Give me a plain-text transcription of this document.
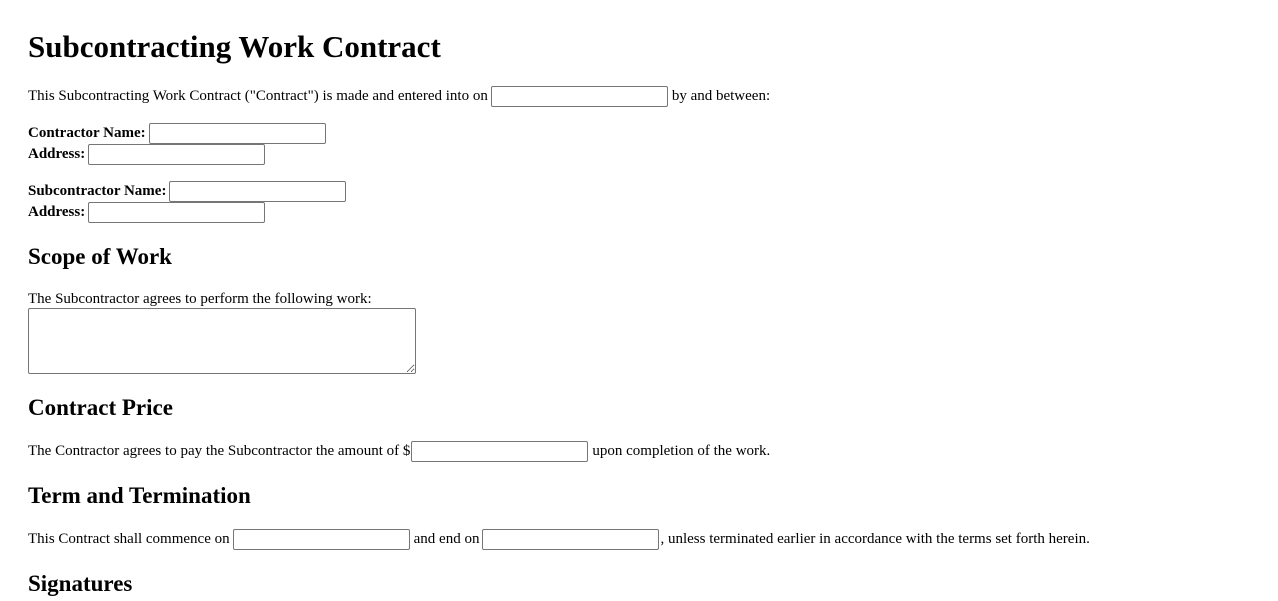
Subcontracting Work Contract
This Subcontracting Work Contract ("Contract") is made and entered into on	by and between:
Contractor Name:
Address:
Subcontractor Name:
Address:
Scope of Work
The Subcontractor agrees to perform the following work:
Contract Price
The Contractor agrees to pay the Subcontractor the amount of $	upon completion of the work.
Term and Termination
This Contract shall commence on	and end on	, unless terminated earlier in accordance with the terms set forth herein.
Signatures
